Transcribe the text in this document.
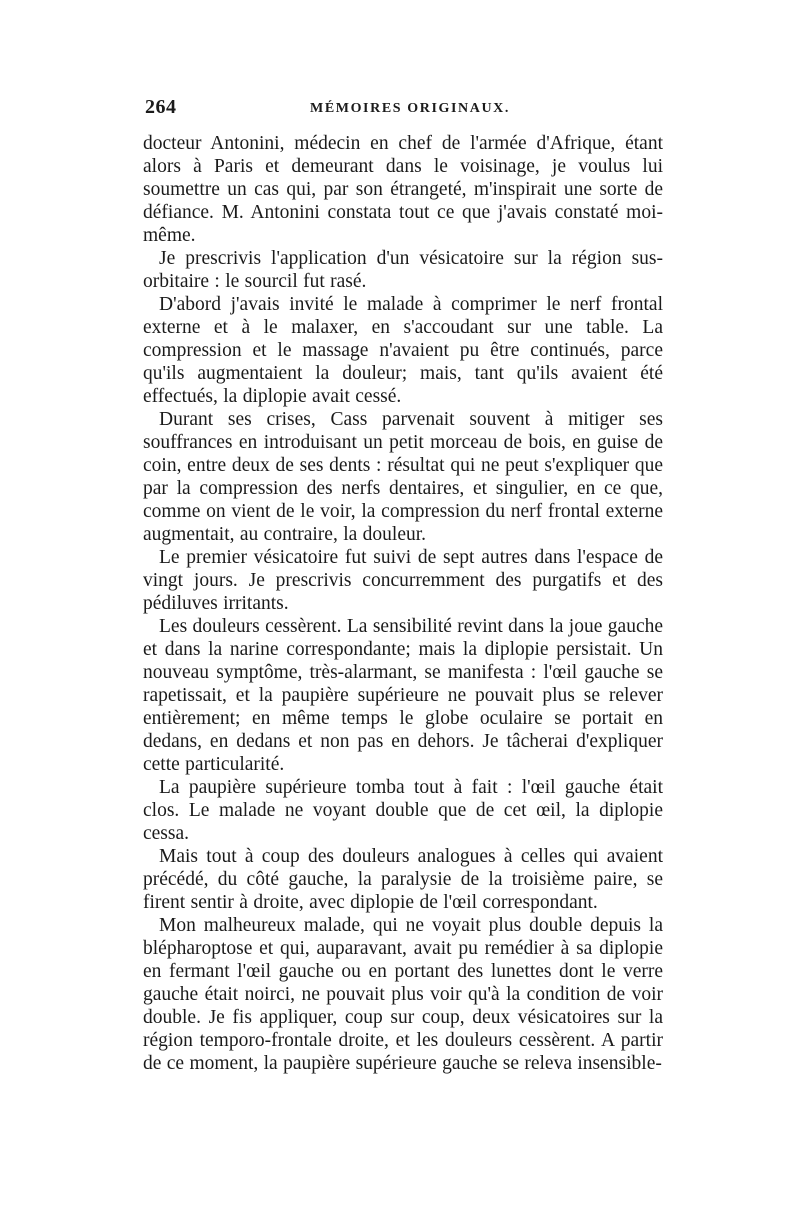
264	MÉMOIRES ORIGINAUX.

docteur Antonini, médecin en chef de l'armée d'Afrique, étant alors à Paris et demeurant dans le voisinage, je voulus lui soumettre un cas qui, par son étrangeté, m'inspirait une sorte de défiance. M. Antonini constata tout ce que j'avais constaté moi-même.

Je prescrivis l'application d'un vésicatoire sur la région sus-orbitaire : le sourcil fut rasé.

D'abord j'avais invité le malade à comprimer le nerf frontal externe et à le malaxer, en s'accoudant sur une table. La compression et le massage n'avaient pu être continués, parce qu'ils augmentaient la douleur; mais, tant qu'ils avaient été effectués, la diplopie avait cessé.

Durant ses crises, Cass parvenait souvent à mitiger ses souffrances en introduisant un petit morceau de bois, en guise de coin, entre deux de ses dents : résultat qui ne peut s'expliquer que par la compression des nerfs dentaires, et singulier, en ce que, comme on vient de le voir, la compression du nerf frontal externe augmentait, au contraire, la douleur.

Le premier vésicatoire fut suivi de sept autres dans l'espace de vingt jours. Je prescrivis concurremment des purgatifs et des pédiluves irritants.

Les douleurs cessèrent. La sensibilité revint dans la joue gauche et dans la narine correspondante; mais la diplopie persistait. Un nouveau symptôme, très-alarmant, se manifesta : l'œil gauche se rapetissait, et la paupière supérieure ne pouvait plus se relever entièrement; en même temps le globe oculaire se portait en dedans, en dedans et non pas en dehors. Je tâcherai d'expliquer cette particularité.

La paupière supérieure tomba tout à fait : l'œil gauche était clos. Le malade ne voyant double que de cet œil, la diplopie cessa.

Mais tout à coup des douleurs analogues à celles qui avaient précédé, du côté gauche, la paralysie de la troisième paire, se firent sentir à droite, avec diplopie de l'œil correspondant.

Mon malheureux malade, qui ne voyait plus double depuis la blépharoptose et qui, auparavant, avait pu remédier à sa diplopie en fermant l'œil gauche ou en portant des lunettes dont le verre gauche était noirci, ne pouvait plus voir qu'à la condition de voir double. Je fis appliquer, coup sur coup, deux vésicatoires sur la région temporo-frontale droite, et les douleurs cessèrent. A partir de ce moment, la paupière supérieure gauche se releva insensible-
